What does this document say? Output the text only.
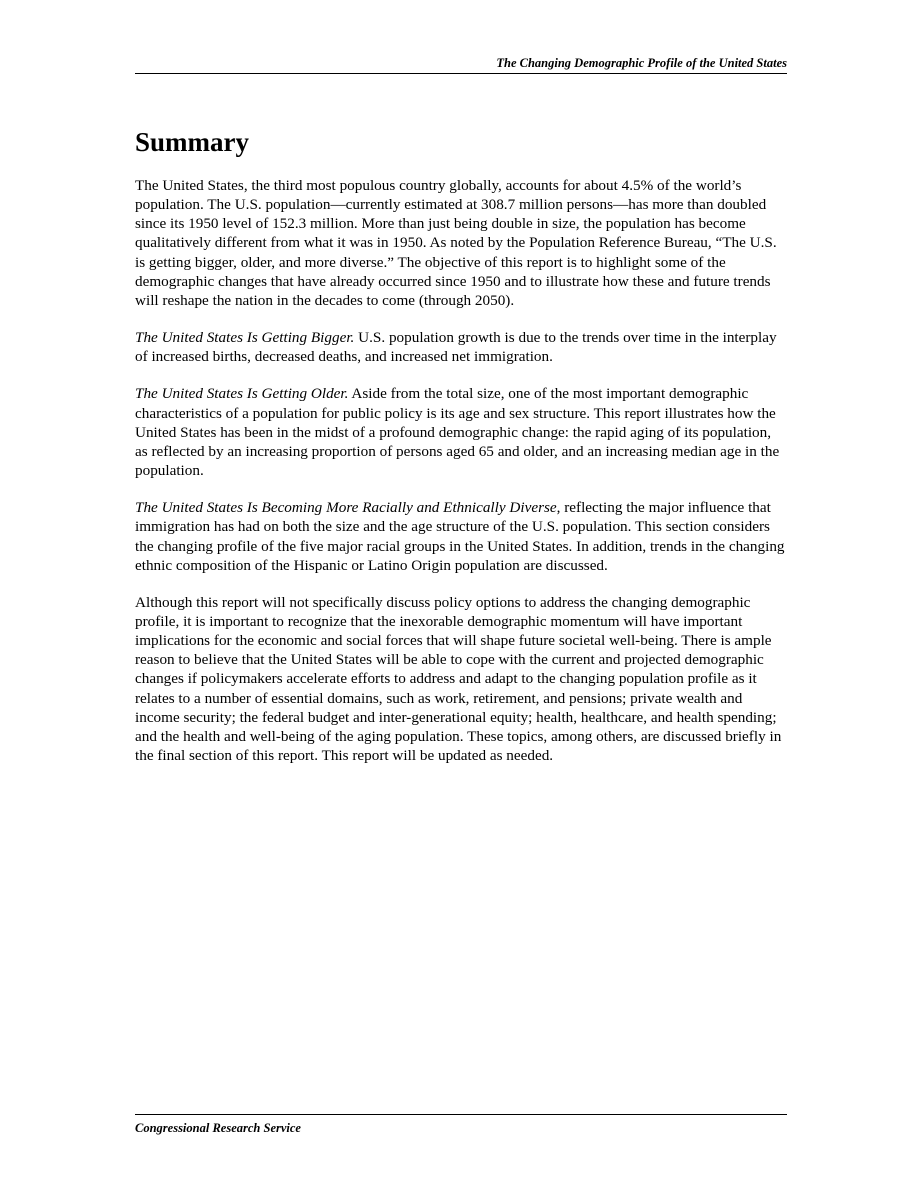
The Changing Demographic Profile of the United States
Summary

The United States, the third most populous country globally, accounts for about 4.5% of the world’s population. The U.S. population—currently estimated at 308.7 million persons—has more than doubled since its 1950 level of 152.3 million. More than just being double in size, the population has become qualitatively different from what it was in 1950. As noted by the Population Reference Bureau, “The U.S. is getting bigger, older, and more diverse.” The objective of this report is to highlight some of the demographic changes that have already occurred since 1950 and to illustrate how these and future trends will reshape the nation in the decades to come (through 2050).

The United States Is Getting Bigger. U.S. population growth is due to the trends over time in the interplay of increased births, decreased deaths, and increased net immigration.

The United States Is Getting Older. Aside from the total size, one of the most important demographic characteristics of a population for public policy is its age and sex structure. This report illustrates how the United States has been in the midst of a profound demographic change: the rapid aging of its population, as reflected by an increasing proportion of persons aged 65 and older, and an increasing median age in the population.

The United States Is Becoming More Racially and Ethnically Diverse, reflecting the major influence that immigration has had on both the size and the age structure of the U.S. population. This section considers the changing profile of the five major racial groups in the United States. In addition, trends in the changing ethnic composition of the Hispanic or Latino Origin population are discussed.

Although this report will not specifically discuss policy options to address the changing demographic profile, it is important to recognize that the inexorable demographic momentum will have important implications for the economic and social forces that will shape future societal well-being. There is ample reason to believe that the United States will be able to cope with the current and projected demographic changes if policymakers accelerate efforts to address and adapt to the changing population profile as it relates to a number of essential domains, such as work, retirement, and pensions; private wealth and income security; the federal budget and inter-generational equity; health, healthcare, and health spending; and the health and well-being of the aging population. These topics, among others, are discussed briefly in the final section of this report. This report will be updated as needed.

Congressional Research Service
